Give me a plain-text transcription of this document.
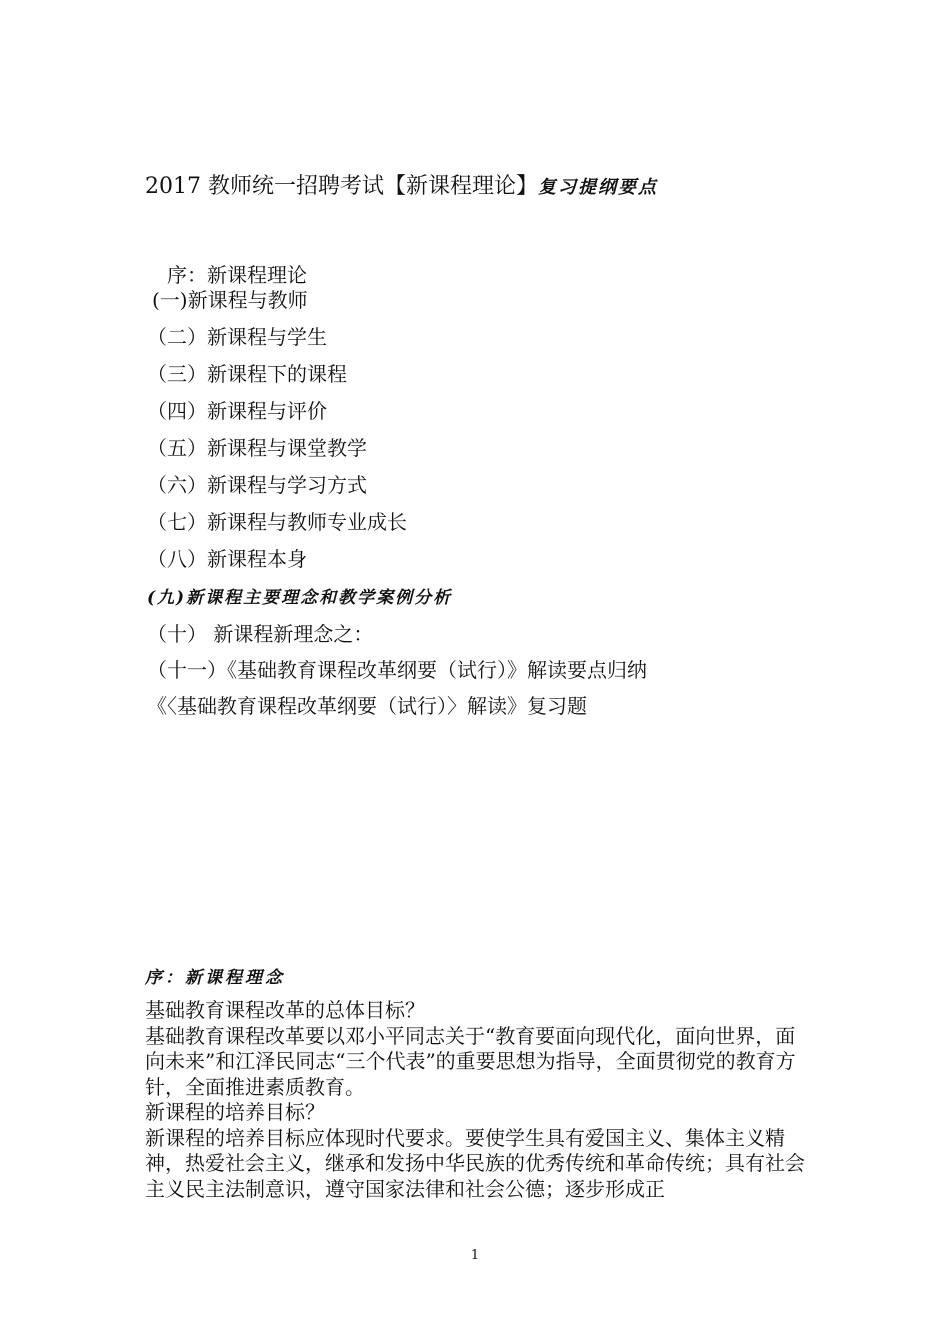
2017 教师统一招聘考试【新课程理论】复习提纲要点
序：新课程理论
(一)新课程与教师
（二）新课程与学生
（三）新课程下的课程
（四）新课程与评价
（五）新课程与课堂教学
（六）新课程与学习方式
（七）新课程与教师专业成长
（八）新课程本身
(九)新课程主要理念和教学案例分析
（十） 新课程新理念之：
（十一）《基础教育课程改革纲要（试行）》解读要点归纳
《〈基础教育课程改革纲要（试行）〉解读》复习题
序：新课程理念

基础教育课程改革的总体目标？

基础教育课程改革要以邓小平同志关于“教育要面向现代化，面向世界，面向未来”和江泽民同志“三个代表”的重要思想为指导，全面贯彻党的教育方针，全面推进素质教育。

新课程的培养目标？

新课程的培养目标应体现时代要求。要使学生具有爱国主义、集体主义精神，热爱社会主义，继承和发扬中华民族的优秀传统和革命传统；具有社会主义民主法制意识，遵守国家法律和社会公德；逐步形成正

1
